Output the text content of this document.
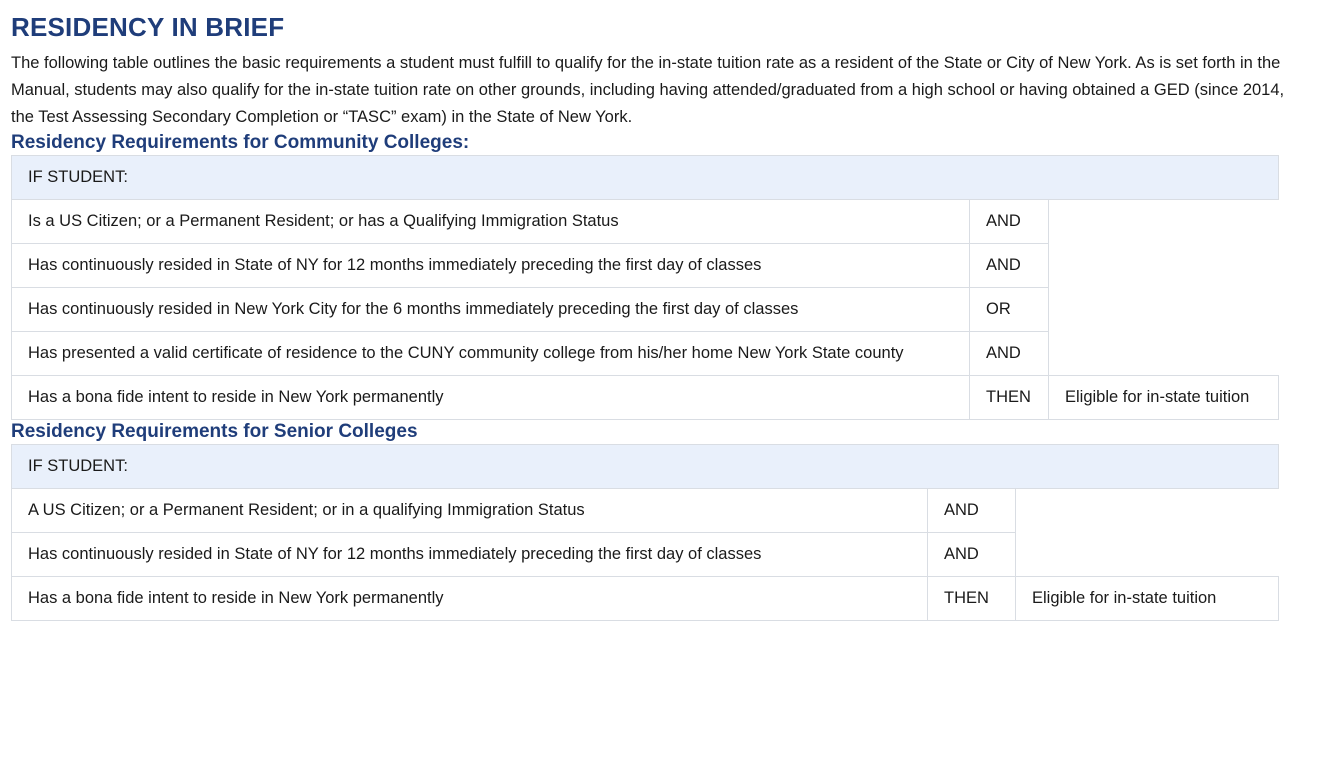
RESIDENCY IN BRIEF

The following table outlines the basic requirements a student must fulfill to qualify for the in-state tuition rate as a resident of the State or City of New York. As is set forth in the Manual, students may also qualify for the in-state tuition rate on other grounds, including having attended/graduated from a high school or having obtained a GED (since 2014, the Test Assessing Secondary Completion or “TASC” exam) in the State of New York.

Residency Requirements for Community Colleges:
IF STUDENT:		
Is a US Citizen; or a Permanent Resident; or has a Qualifying Immigration Status	AND	
Has continuously resided in State of NY for 12 months immediately preceding the first day of classes	AND	
Has continuously resided in New York City for the 6 months immediately preceding the first day of classes	OR	
Has presented a valid certificate of residence to the CUNY community college from his/her home New York State county	AND	
Has a bona fide intent to reside in New York permanently	THEN	Eligible for in-state tuition
Residency Requirements for Senior Colleges
IF STUDENT:		
A US Citizen; or a Permanent Resident; or in a qualifying Immigration Status	AND	
Has continuously resided in State of NY for 12 months immediately preceding the first day of classes	AND	
Has a bona fide intent to reside in New York permanently	THEN	Eligible for in-state tuition
